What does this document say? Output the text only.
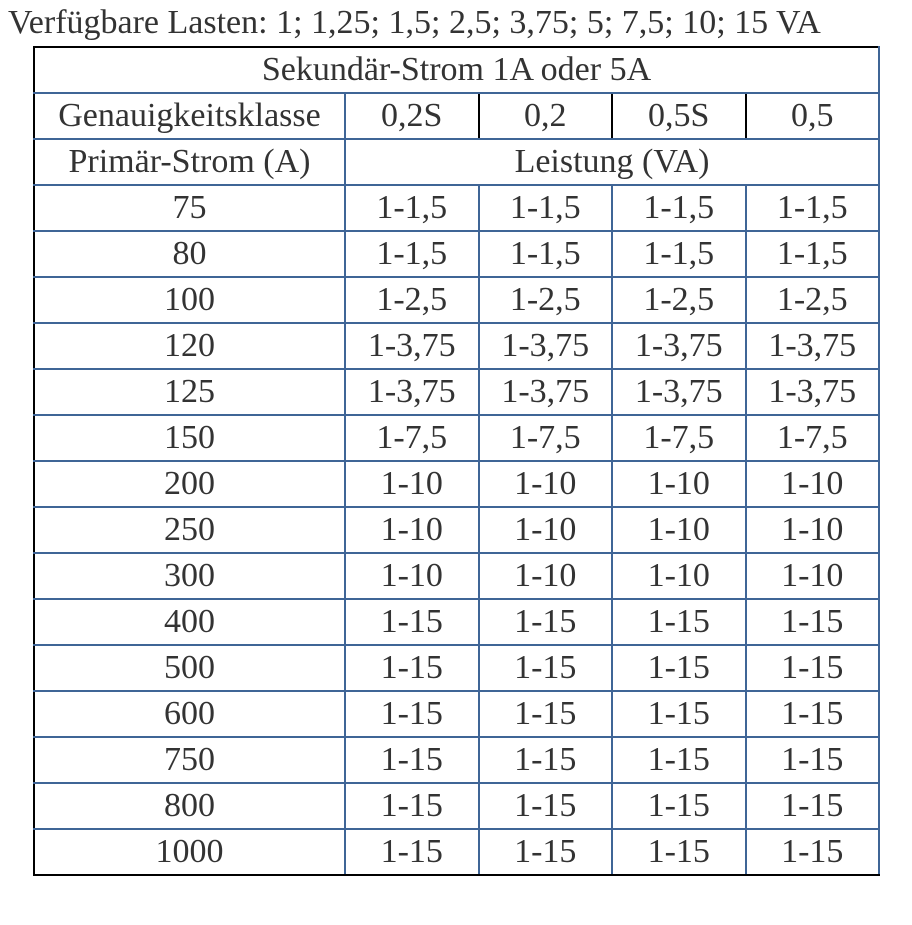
Verfügbare Lasten: 1; 1,25; 1,5; 2,5; 3,75; 5; 7,5; 10; 15 VA
Sekundär-Strom 1A oder 5A				
Genauigkeitsklasse	0,2S	0,2	0,5S	0,5
Primär-Strom (A)	Leistung (VA)			
75	1-1,5	1-1,5	1-1,5	1-1,5
80	1-1,5	1-1,5	1-1,5	1-1,5
100	1-2,5	1-2,5	1-2,5	1-2,5
120	1-3,75	1-3,75	1-3,75	1-3,75
125	1-3,75	1-3,75	1-3,75	1-3,75
150	1-7,5	1-7,5	1-7,5	1-7,5
200	1-10	1-10	1-10	1-10
250	1-10	1-10	1-10	1-10
300	1-10	1-10	1-10	1-10
400	1-15	1-15	1-15	1-15
500	1-15	1-15	1-15	1-15
600	1-15	1-15	1-15	1-15
750	1-15	1-15	1-15	1-15
800	1-15	1-15	1-15	1-15
1000	1-15	1-15	1-15	1-15
